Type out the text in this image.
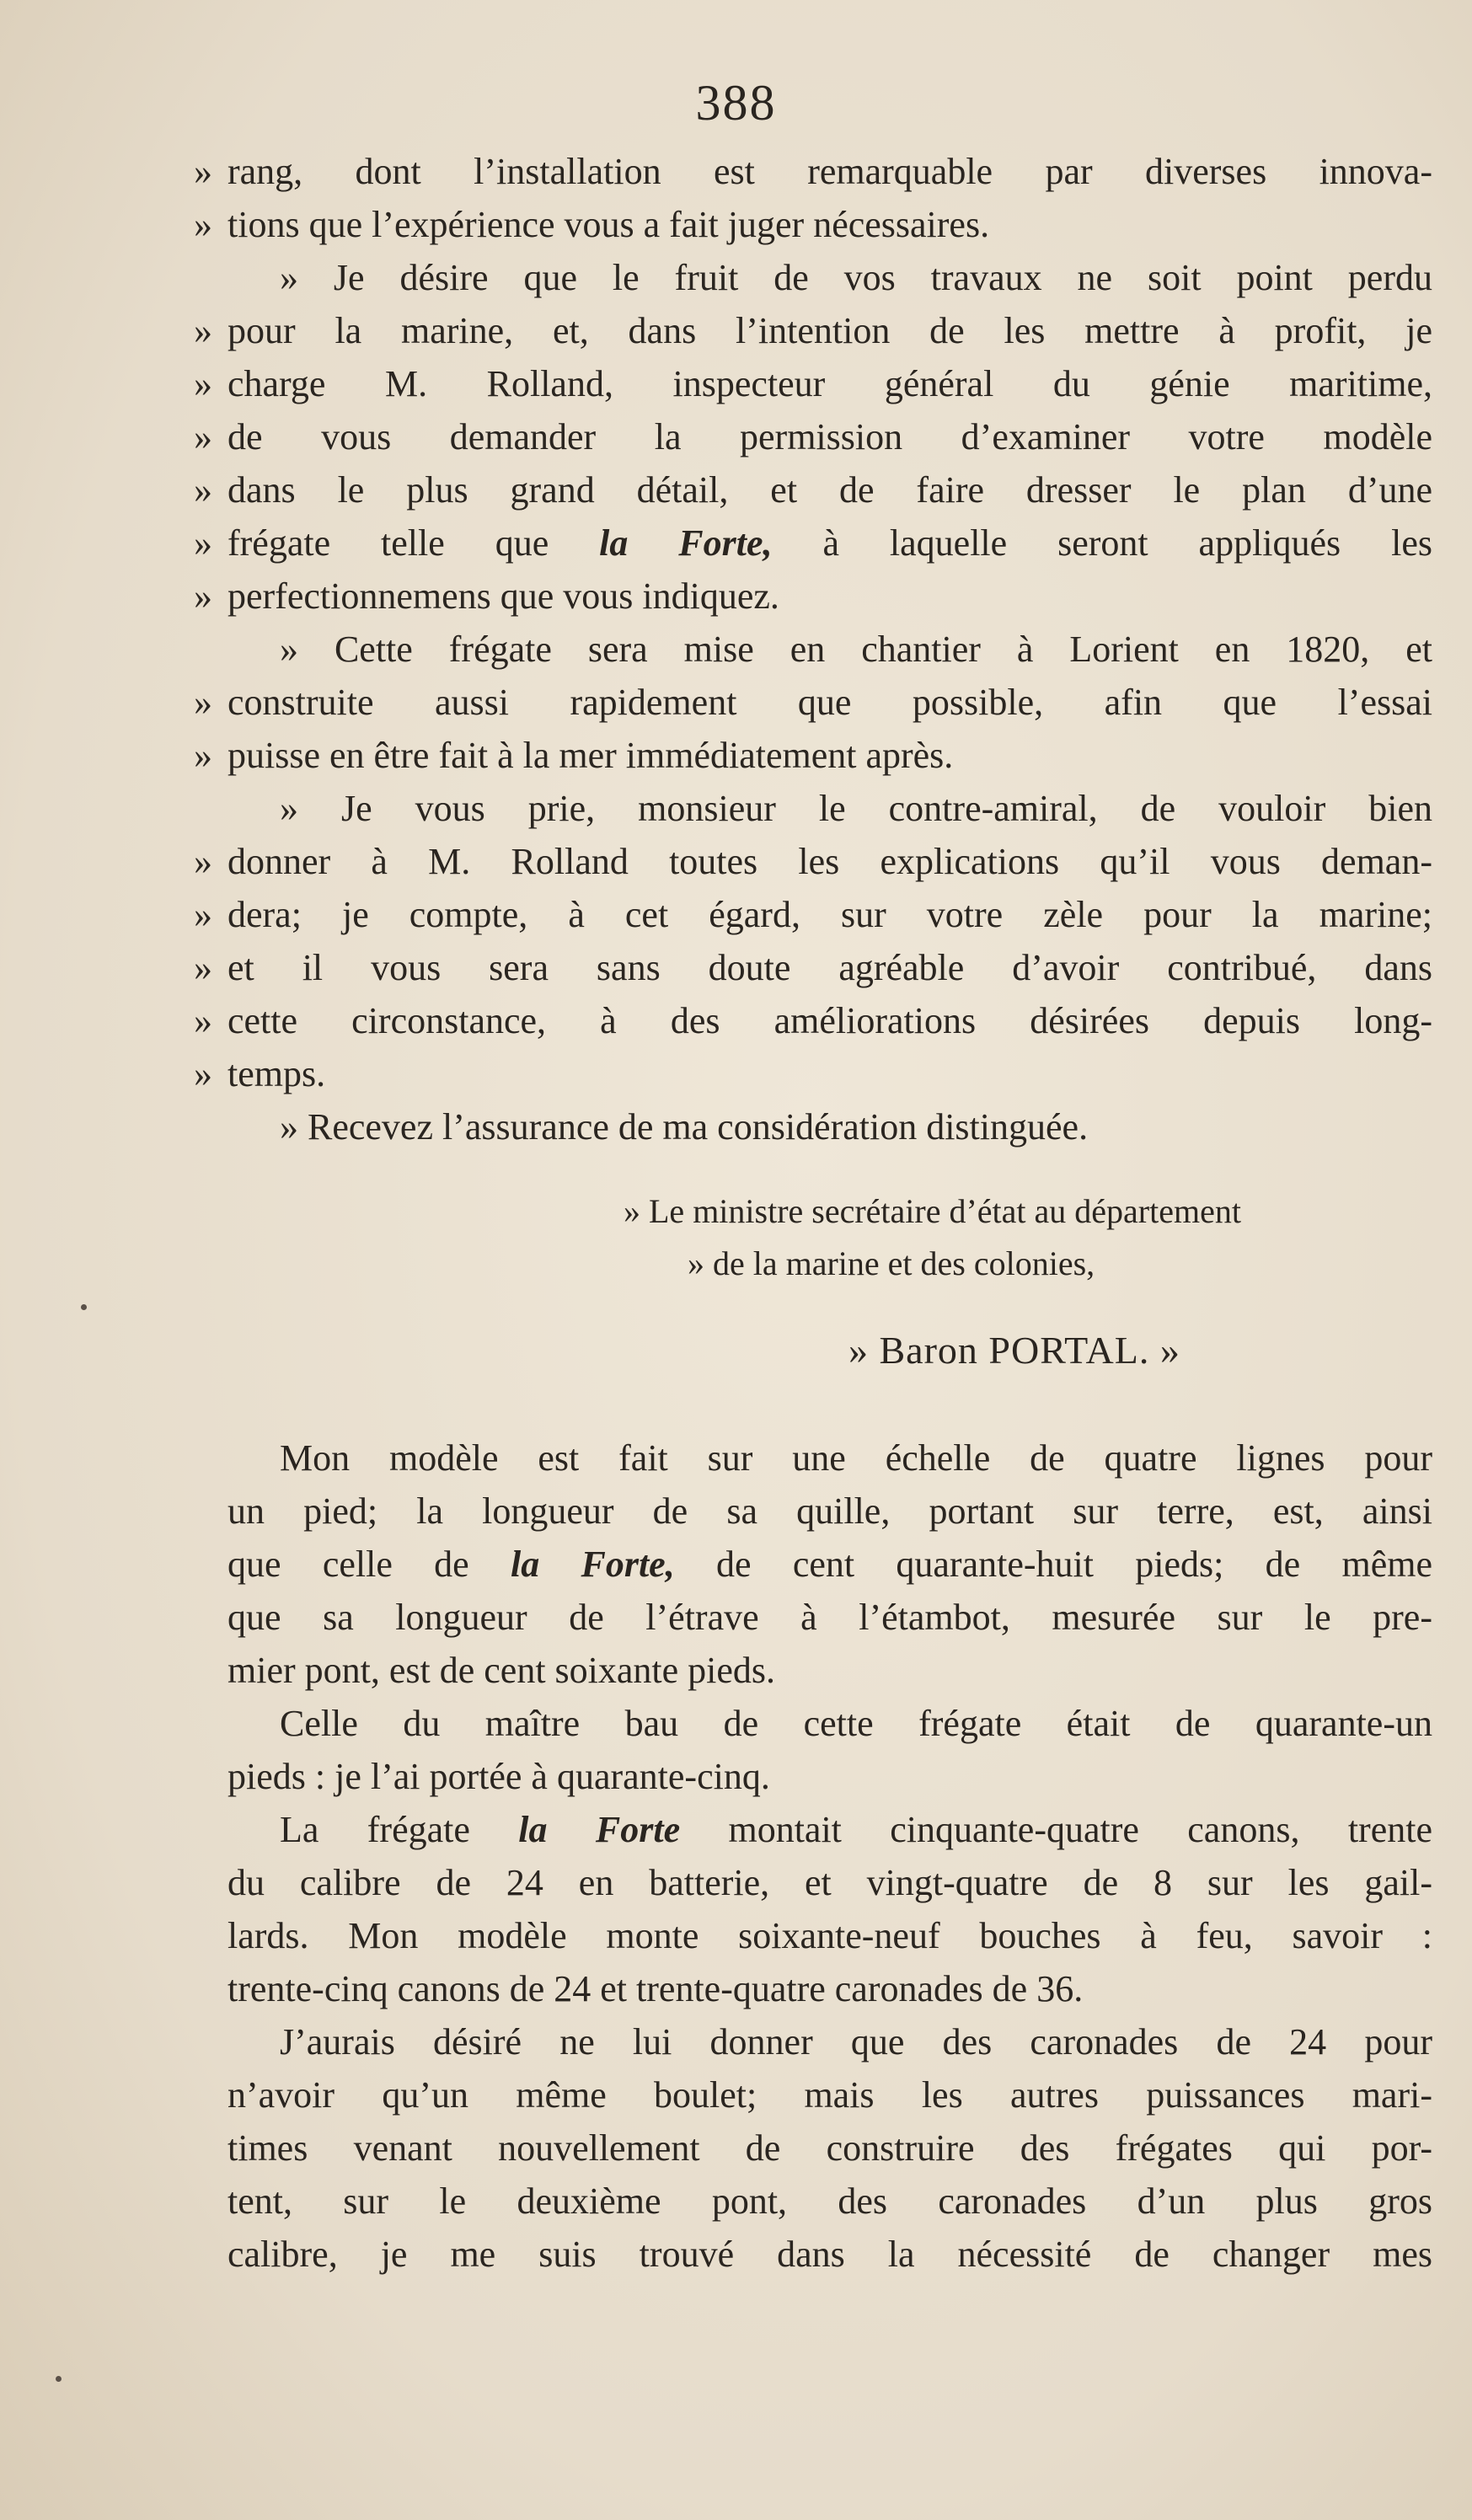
388
» rang, dont l’installation est remarquable par diverses innova-
» tions que l’expérience vous a fait juger nécessaires.
» Je désire que le fruit de vos travaux ne soit point perdu
» pour la marine, et, dans l’intention de les mettre à profit, je
» charge M. Rolland, inspecteur général du génie maritime,
» de vous demander la permission d’examiner votre modèle
» dans le plus grand détail, et de faire dresser le plan d’une
» frégate telle que la Forte, à laquelle seront appliqués les
» perfectionnemens que vous indiquez.
» Cette frégate sera mise en chantier à Lorient en 1820, et
» construite aussi rapidement que possible, afin que l’essai
» puisse en être fait à la mer immédiatement après.
» Je vous prie, monsieur le contre-amiral, de vouloir bien
» donner à M. Rolland toutes les explications qu’il vous deman-
» dera; je compte, à cet égard, sur votre zèle pour la marine;
» et il vous sera sans doute agréable d’avoir contribué, dans
» cette circonstance, à des améliorations désirées depuis long-
» temps.
» Recevez l’assurance de ma considération distinguée.
» Le ministre secrétaire d’état au département
» de la marine et des colonies,
» Baron PORTAL. »
Mon modèle est fait sur une échelle de quatre lignes pour
un pied; la longueur de sa quille, portant sur terre, est, ainsi
que celle de la Forte, de cent quarante-huit pieds; de même
que sa longueur de l’étrave à l’étambot, mesurée sur le pre-
mier pont, est de cent soixante pieds.
Celle du maître bau de cette frégate était de quarante-un
pieds : je l’ai portée à quarante-cinq.
La frégate la Forte montait cinquante-quatre canons, trente
du calibre de 24 en batterie, et vingt-quatre de 8 sur les gail-
lards. Mon modèle monte soixante-neuf bouches à feu, savoir :
trente-cinq canons de 24 et trente-quatre caronades de 36.
J’aurais désiré ne lui donner que des caronades de 24 pour
n’avoir qu’un même boulet; mais les autres puissances mari-
times venant nouvellement de construire des frégates qui por-
tent, sur le deuxième pont, des caronades d’un plus gros
calibre, je me suis trouvé dans la nécessité de changer mes
